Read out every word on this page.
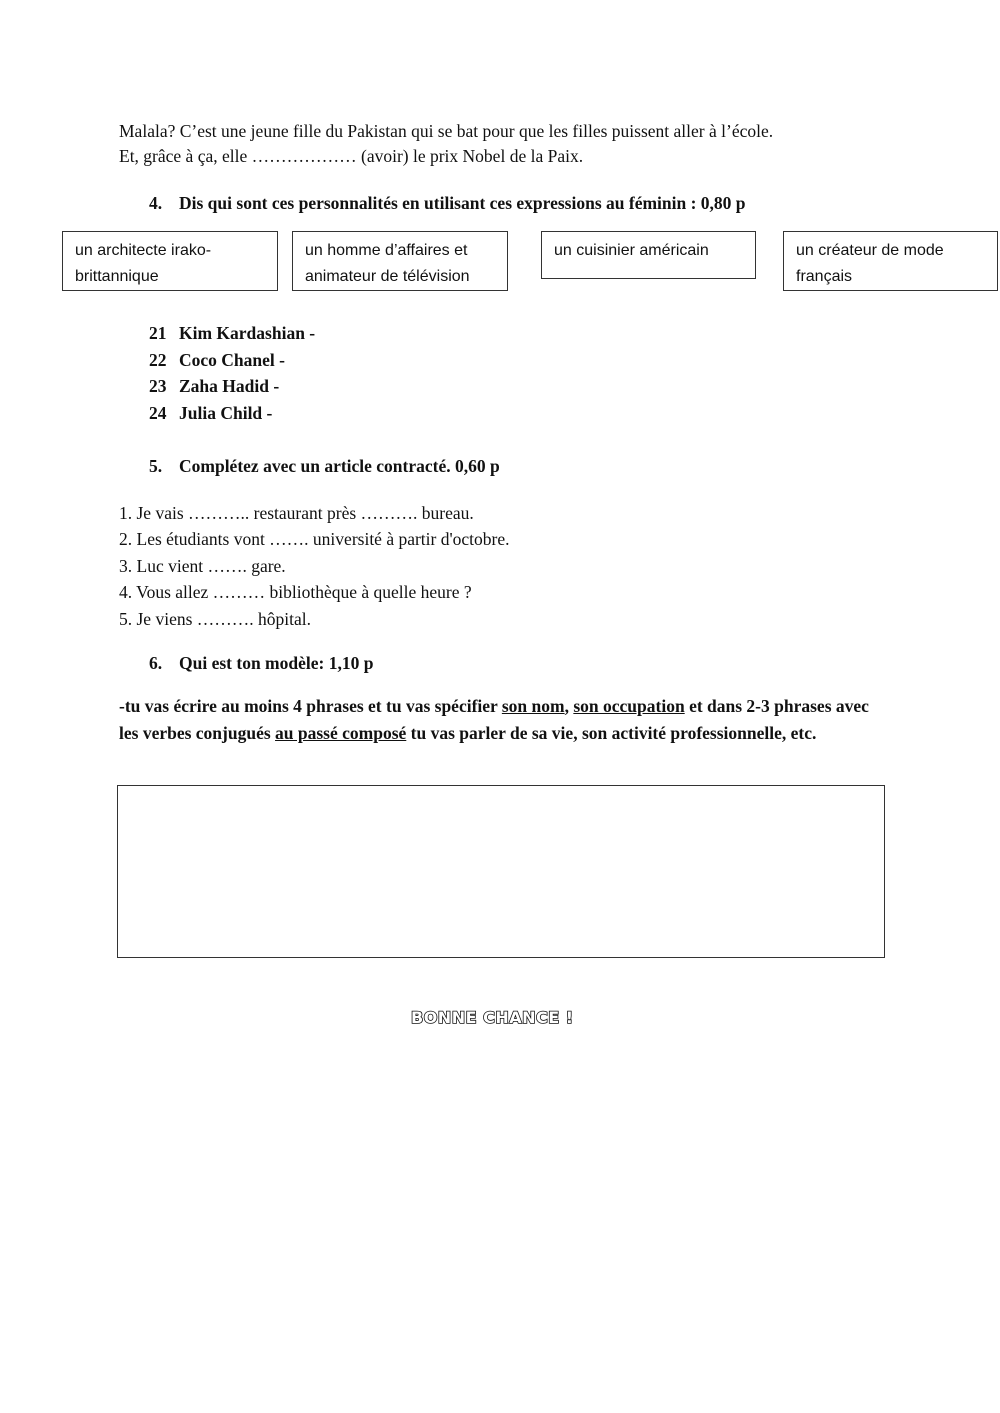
Malala? C’est une jeune fille du Pakistan qui se bat pour que les filles puissent aller à l’école.
Et, grâce à ça, elle ……………… (avoir) le prix Nobel de la Paix.
4. Dis qui sont ces personnalités en utilisant ces expressions au féminin : 0,80 p
un architecte irako-
brittannique
un homme d’affaires et
animateur de télévision
un cuisinier américain	un créateur de mode
français
21 Kim Kardashian -
22 Coco Chanel -
23 Zaha Hadid -
24 Julia Child -
5. Complétez avec un article contracté. 0,60 p
1. Je vais ……….. restaurant près ………. bureau.
2. Les étudiants vont ……. université à partir d'octobre.
3. Luc vient ……. gare.
4. Vous allez ……… bibliothèque à quelle heure ?
5. Je viens ………. hôpital.
6. Qui est ton modèle: 1,10 p
-tu vas écrire au moins 4 phrases et tu vas spécifier son nom, son occupation et dans 2-3 phrases avec les verbes conjugués au passé composé tu vas parler de sa vie, son activité professionnelle, etc.
BONNE CHANCE !
